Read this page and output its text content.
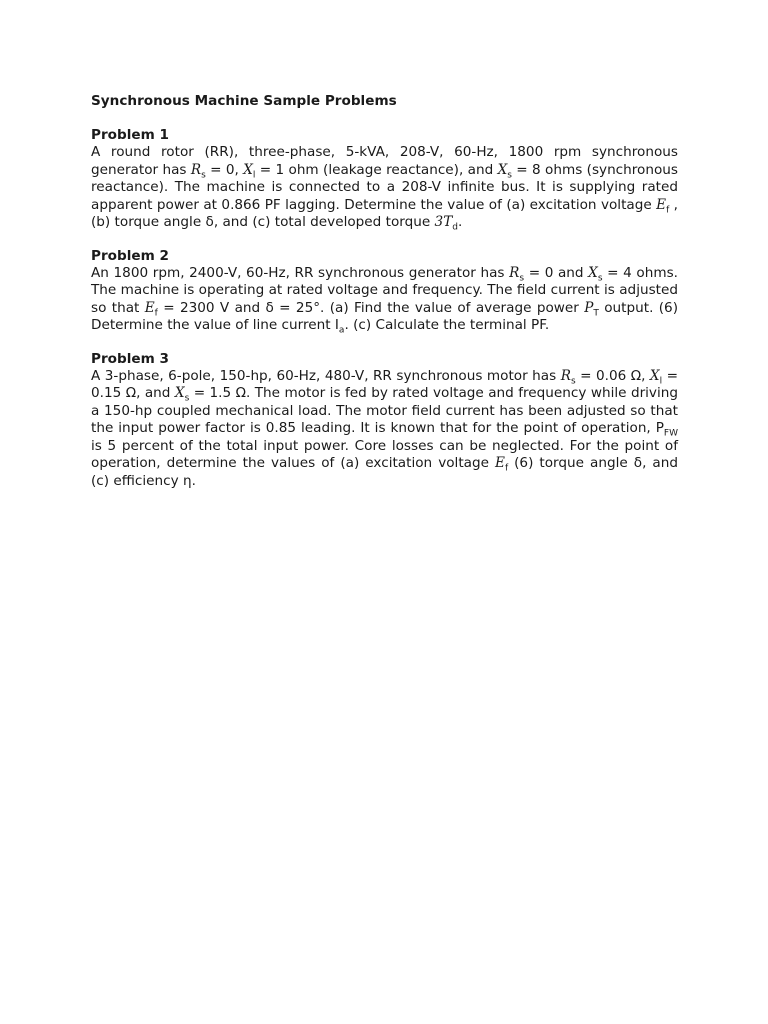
Synchronous Machine Sample Problems

Problem 1

A round rotor (RR), three-phase, 5-kVA, 208-V, 60-Hz, 1800 rpm synchronous generator has $R_s = 0$, $X_l = 1$ ohm (leakage reactance), and $X_s = 8$ ohms (synchronous reactance). The machine is connected to a 208-V infinite bus. It is supplying rated apparent power at 0.866 PF lagging. Determine the value of (a) excitation voltage $E_f$ , (b) torque angle δ, and (c) total developed torque $3T_d$.

Problem 2

An 1800 rpm, 2400-V, 60-Hz, RR synchronous generator has $R_s = 0$ and $X_s = 4$ ohms. The machine is operating at rated voltage and frequency. The field current is adjusted so that $E_f = 2300$ V and δ = 25°. (a) Find the value of average power $P_T$ output. (6) Determine the value of line current $I_a$. (c) Calculate the terminal PF.

Problem 3

A 3-phase, 6-pole, 150-hp, 60-Hz, 480-V, RR synchronous motor has $R_s = 0.06$ Ω, $X_l = 0.15$ Ω, and $X_s = 1.5$ Ω. The motor is fed by rated voltage and frequency while driving a 150-hp coupled mechanical load. The motor field current has been adjusted so that the input power factor is 0.85 leading. It is known that for the point of operation, $P_{FW}$ is 5 percent of the total input power. Core losses can be neglected. For the point of operation, determine the values of (a) excitation voltage $E_f$ (6) torque angle δ, and (c) efficiency η.
